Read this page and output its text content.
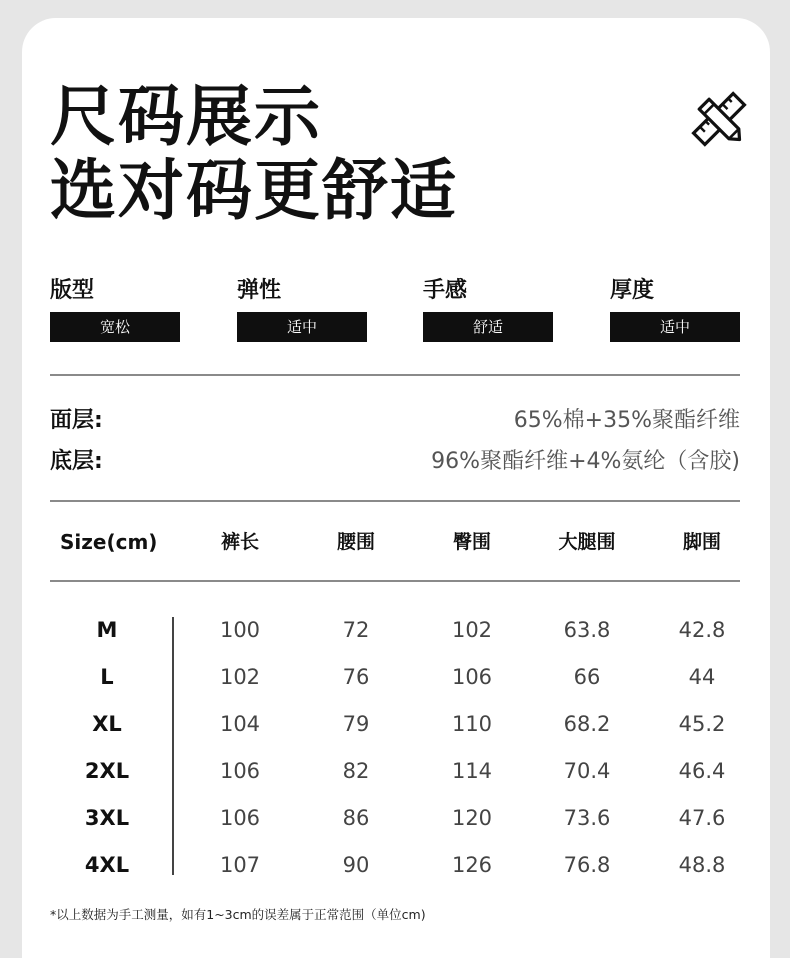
尺码展示
选对码更舒适
版型
宽松
弹性
适中
手感
舒适
厚度
适中
面层:	65%棉+35%聚酯纤维
底层:	96%聚酯纤维+4%氨纶（含胶)
Size(cm)	裤长	腰围	臀围	大腿围	脚围
M	100	72	102	63.8	42.8
L	102	76	106	66	44
XL	104	79	110	68.2	45.2
2XL	106	82	114	70.4	46.4
3XL	106	86	120	73.6	47.6
4XL	107	90	126	76.8	48.8
*以上数据为手工测量，如有1~3cm的误差属于正常范围（单位cm)
